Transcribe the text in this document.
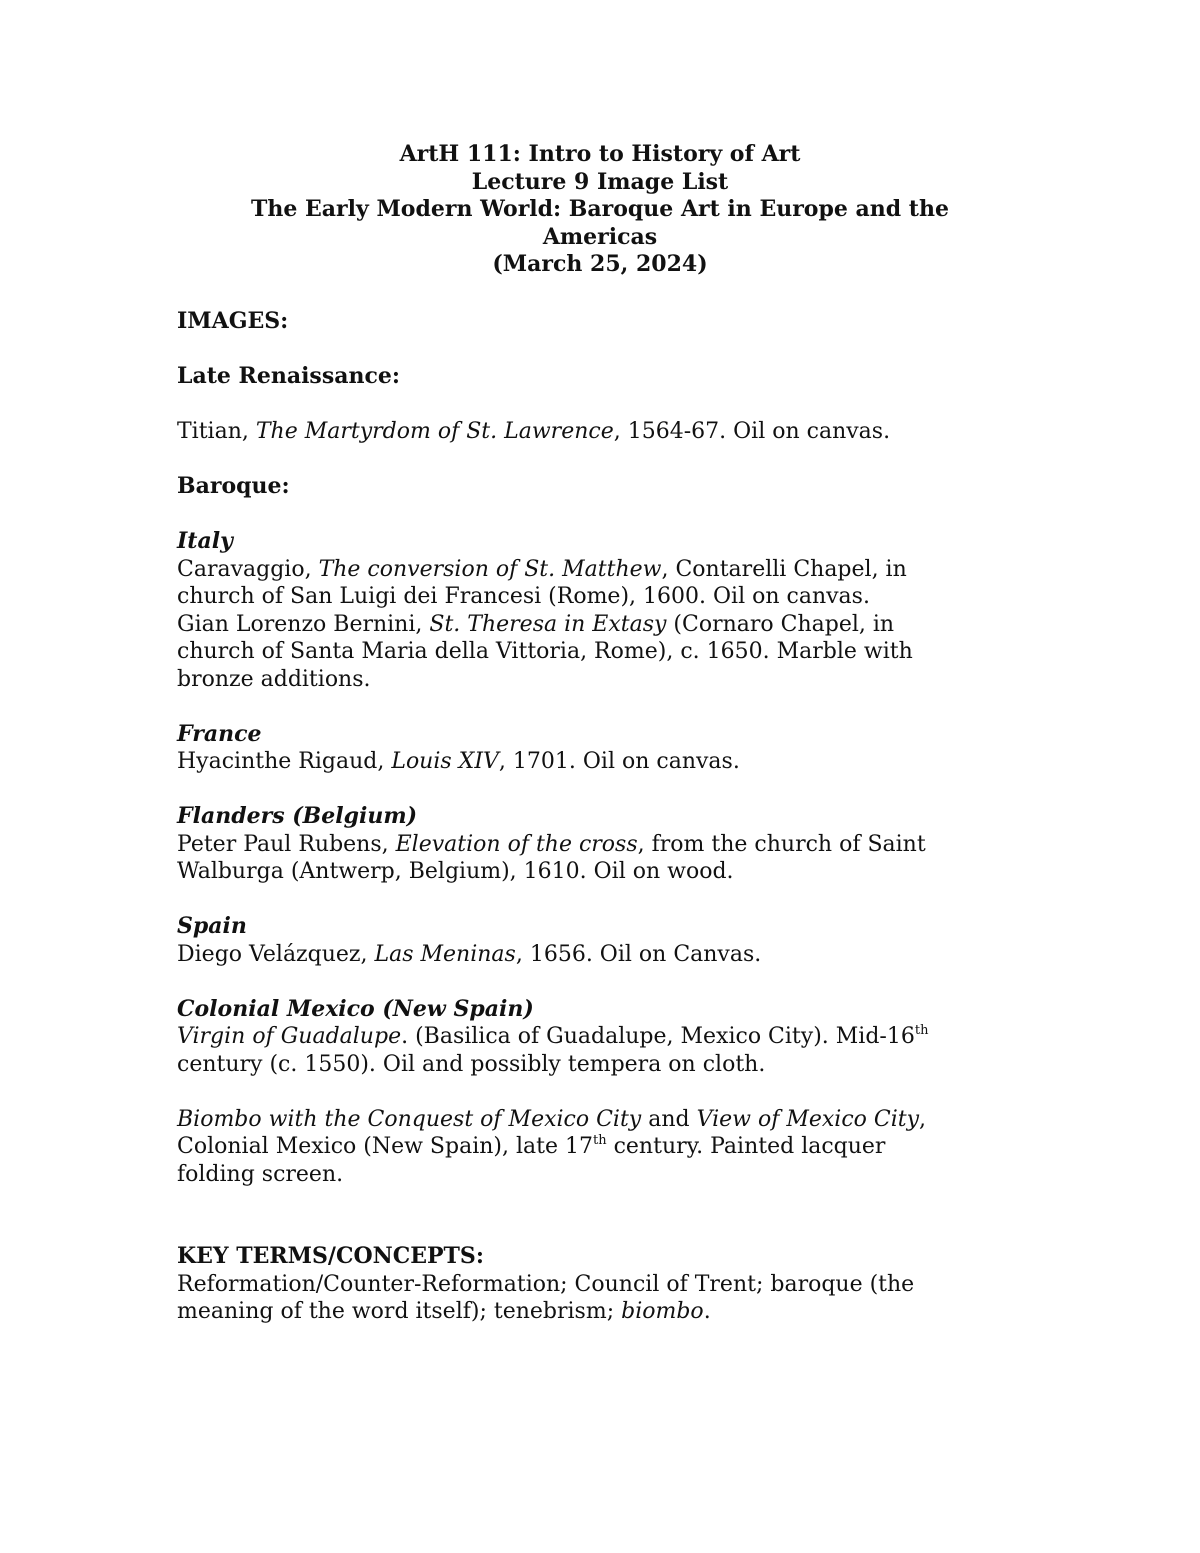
ArtH 111: Intro to History of Art
Lecture 9 Image List
The Early Modern World: Baroque Art in Europe and the
Americas
(March 25, 2024)

IMAGES:

Late Renaissance:

Titian, The Martyrdom of St. Lawrence, 1564-67. Oil on canvas.

Baroque:

Italy

Caravaggio, The conversion of St. Matthew, Contarelli Chapel, in

church of San Luigi dei Francesi (Rome), 1600. Oil on canvas.

Gian Lorenzo Bernini, St. Theresa in Extasy (Cornaro Chapel, in

church of Santa Maria della Vittoria, Rome), c. 1650. Marble with

bronze additions.

France

Hyacinthe Rigaud, Louis XIV, 1701. Oil on canvas.

Flanders (Belgium)

Peter Paul Rubens, Elevation of the cross, from the church of Saint

Walburga (Antwerp, Belgium), 1610. Oil on wood.

Spain

Diego Velázquez, Las Meninas, 1656. Oil on Canvas.

Colonial Mexico (New Spain)

Virgin of Guadalupe. (Basilica of Guadalupe, Mexico City). Mid-16th

century (c. 1550). Oil and possibly tempera on cloth.

Biombo with the Conquest of Mexico City and View of Mexico City,

Colonial Mexico (New Spain), late 17th century. Painted lacquer

folding screen.

KEY TERMS/CONCEPTS:

Reformation/Counter-Reformation; Council of Trent; baroque (the

meaning of the word itself); tenebrism; biombo.
